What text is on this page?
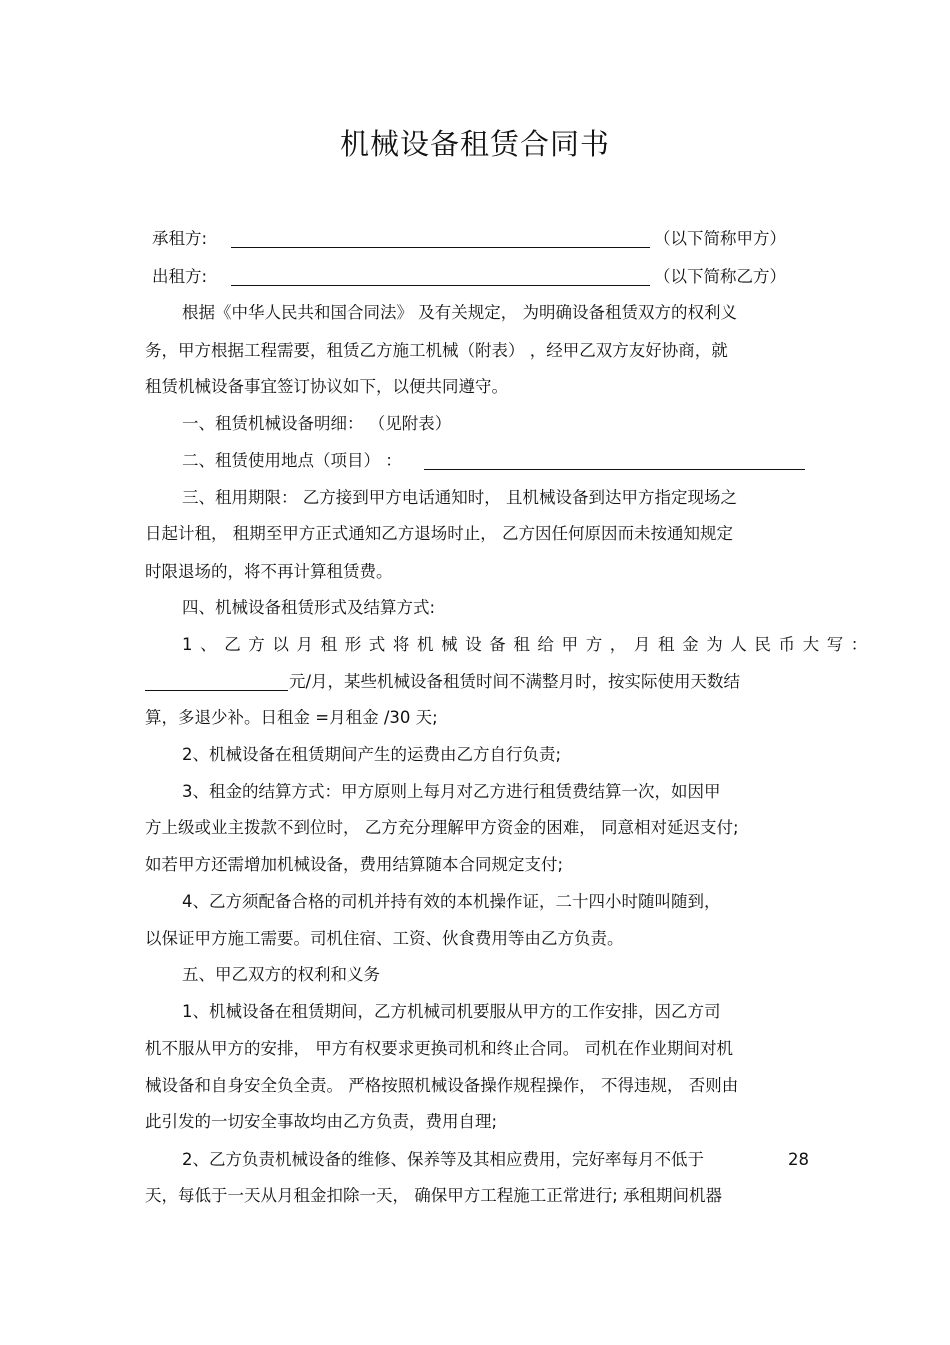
机械设备租赁合同书
承租方:	（以下简称甲方）
出租方:	（以下简称乙方）
根据《中华人民共和国合同法》 及有关规定， 为明确设备租赁双方的权利义
务，甲方根据工程需要，租赁乙方施工机械（附表） ，经甲乙双方友好协商，就
租赁机械设备事宜签订协议如下，以便共同遵守。
一、租赁机械设备明细： （见附表）
二、租赁使用地点（项目） ：
三、租用期限： 乙方接到甲方电话通知时， 且机械设备到达甲方指定现场之
日起计租， 租期至甲方正式通知乙方退场时止， 乙方因任何原因而未按通知规定
时限退场的，将不再计算租赁费。
四、机械设备租赁形式及结算方式:
1、乙方以月租形式将机械设备租给甲方，月租金为人民币大写：
元/月，某些机械设备租赁时间不满整月时，按实际使用天数结
算，多退少补。日租金 =月租金 /30 天;
2、机械设备在租赁期间产生的运费由乙方自行负责;
3、租金的结算方式：甲方原则上每月对乙方进行租赁费结算一次，如因甲
方上级或业主拨款不到位时， 乙方充分理解甲方资金的困难， 同意相对延迟支付;
如若甲方还需增加机械设备，费用结算随本合同规定支付;
4、乙方须配备合格的司机并持有效的本机操作证，二十四小时随叫随到，
以保证甲方施工需要。司机住宿、工资、伙食费用等由乙方负责。
五、甲乙双方的权利和义务
1、机械设备在租赁期间，乙方机械司机要服从甲方的工作安排，因乙方司
机不服从甲方的安排， 甲方有权要求更换司机和终止合同。 司机在作业期间对机
械设备和自身安全负全责。 严格按照机械设备操作规程操作， 不得违规， 否则由
此引发的一切安全事故均由乙方负责，费用自理;
2、乙方负责机械设备的维修、保养等及其相应费用，完好率每月不低于	28
天，每低于一天从月租金扣除一天， 确保甲方工程施工正常进行; 承租期间机器
